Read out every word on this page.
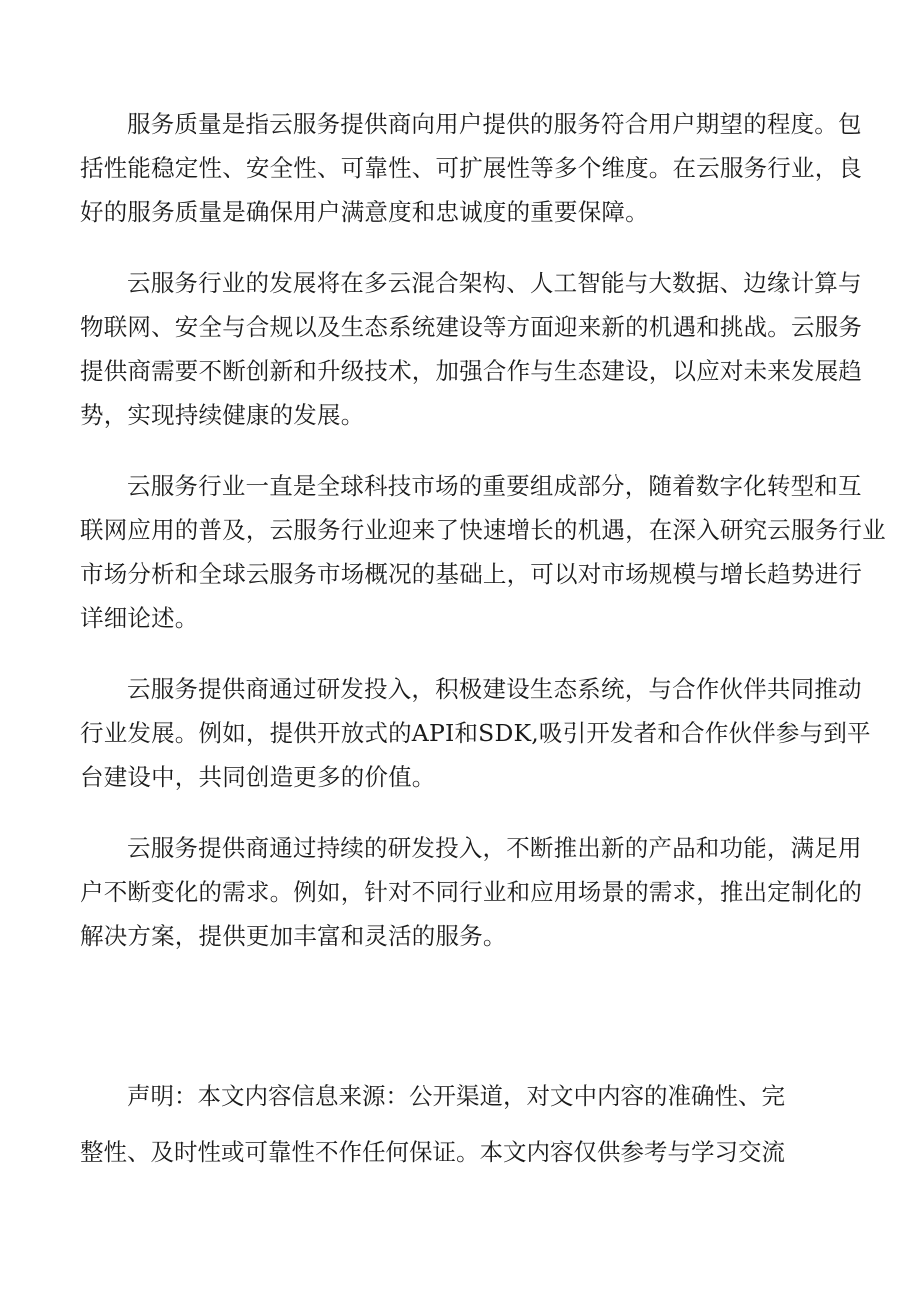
服务质量是指云服务提供商向用户提供的服务符合用户期望的程度。包
括性能稳定性、安全性、可靠性、可扩展性等多个维度。在云服务行业，良
好的服务质量是确保用户满意度和忠诚度的重要保障。

云服务行业的发展将在多云混合架构、人工智能与大数据、边缘计算与
物联网、安全与合规以及生态系统建设等方面迎来新的机遇和挑战。云服务
提供商需要不断创新和升级技术，加强合作与生态建设，以应对未来发展趋
势，实现持续健康的发展。

云服务行业一直是全球科技市场的重要组成部分，随着数字化转型和互
联网应用的普及，云服务行业迎来了快速增长的机遇，在深入研究云服务行业
市场分析和全球云服务市场概况的基础上，可以对市场规模与增长趋势进行
详细论述。

云服务提供商通过研发投入，积极建设生态系统，与合作伙伴共同推动
行业发展。例如，提供开放式的API和SDK,吸引开发者和合作伙伴参与到平
台建设中，共同创造更多的价值。

云服务提供商通过持续的研发投入，不断推出新的产品和功能，满足用
户不断变化的需求。例如，针对不同行业和应用场景的需求，推出定制化的
解决方案，提供更加丰富和灵活的服务。

声明：本文内容信息来源：公开渠道，对文中内容的准确性、完
整性、及时性或可靠性不作任何保证。本文内容仅供参考与学习交流
